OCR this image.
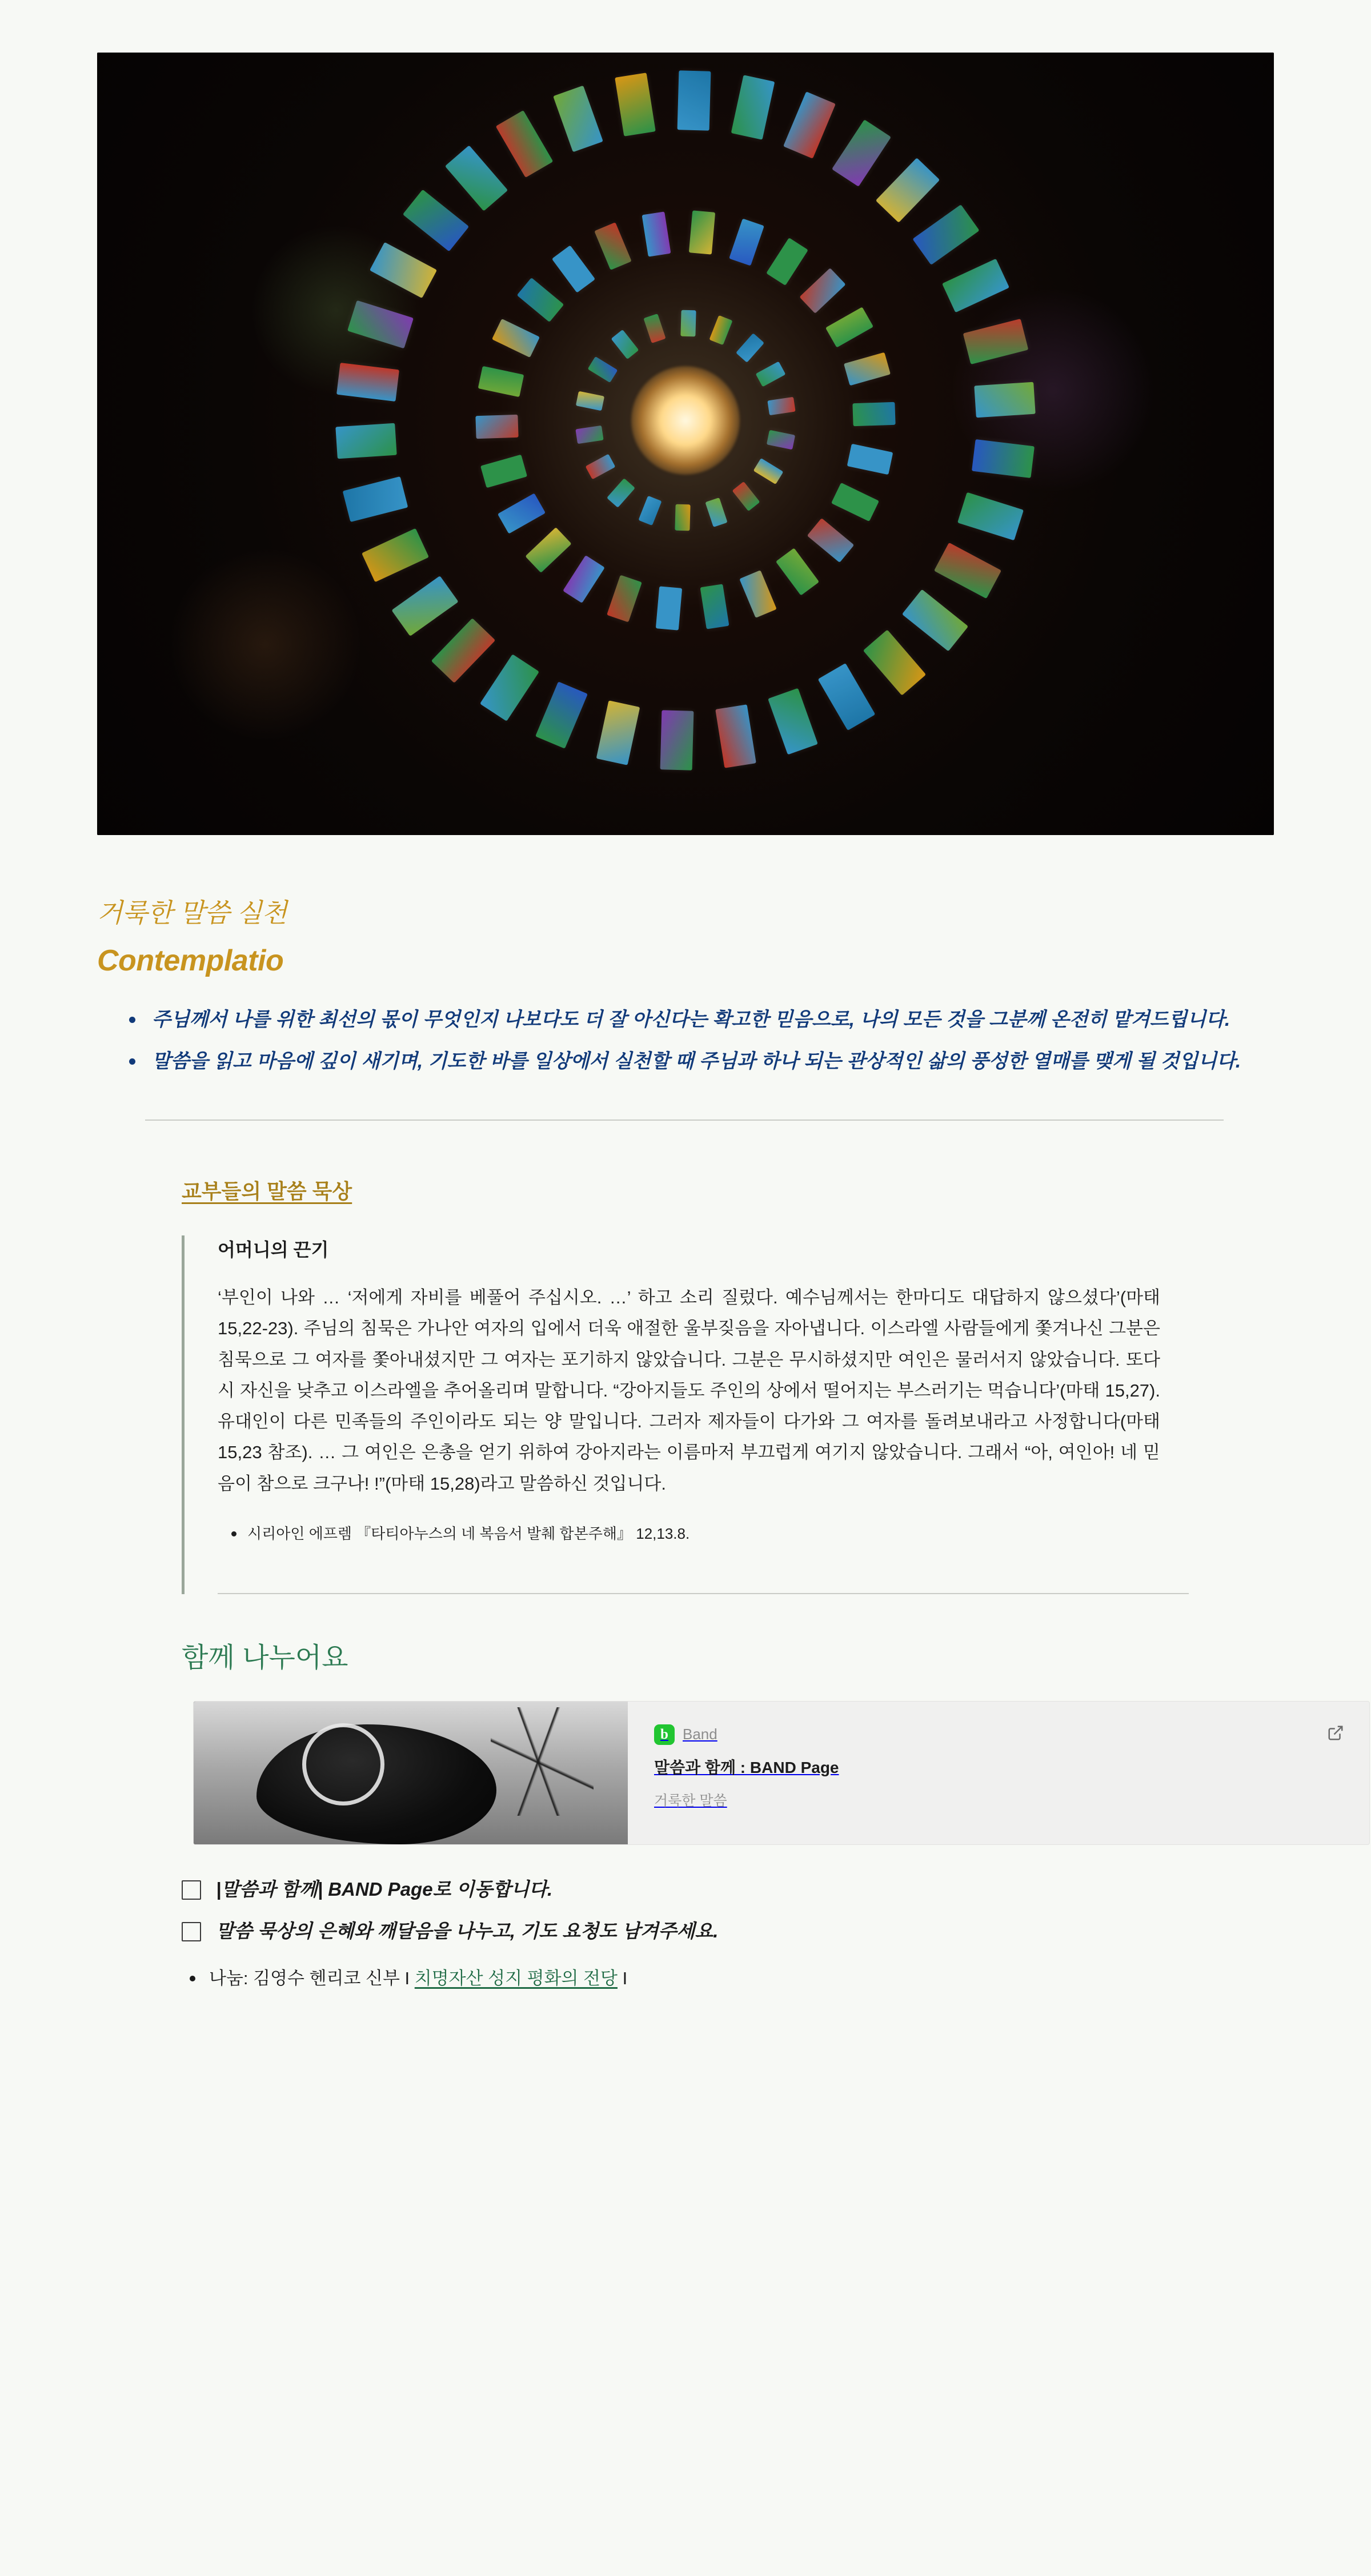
거룩한 말씀 실천
Contemplatio
주님께서 나를 위한 최선의 몫이 무엇인지 나보다도 더 잘 아신다는 확고한 믿음으로, 나의 모든 것을 그분께 온전히 맡겨드립니다.
말씀을 읽고 마음에 깊이 새기며, 기도한 바를 일상에서 실천할 때 주님과 하나 되는 관상적인 삶의 풍성한 열매를 맺게 될 것입니다.
교부들의 말씀 묵상
어머니의 끈기

‘부인이 나와 … ‘저에게 자비를 베풀어 주십시오. …’ 하고 소리 질렀다. 예수님께서는 한마디도 대답하지 않으셨다’(마태 15,22-23). 주님의 침묵은 가나안 여자의 입에서 더욱 애절한 울부짖음을 자아냅니다. 이스라엘 사람들에게 쫓겨나신 그분은 침묵으로 그 여자를 쫓아내셨지만 그 여자는 포기하지 않았습니다. 그분은 무시하셨지만 여인은 물러서지 않았습니다. 또다시 자신을 낮추고 이스라엘을 추어올리며 말합니다. “강아지들도 주인의 상에서 떨어지는 부스러기는 먹습니다’(마태 15,27). 유대인이 다른 민족들의 주인이라도 되는 양 말입니다. 그러자 제자들이 다가와 그 여자를 돌려보내라고 사정합니다(마태 15,23 참조). … 그 여인은 은총을 얻기 위하여 강아지라는 이름마저 부끄럽게 여기지 않았습니다. 그래서 “아, 여인아! 네 믿음이 참으로 크구나! !”(마태 15,28)라고 말씀하신 것입니다.

시리아인 에프렘 『타티아누스의 네 복음서 발췌 합본주해』 12,13.8.
함께 나누어요
b Band
말씀과 함께 : BAND Page
거룩한 말씀
|말씀과 함께| BAND Page로 이동합니다.
말씀 묵상의 은혜와 깨달음을 나누고, 기도 요청도 남겨주세요.
나눔: 김영수 헨리코 신부 I 치명자산 성지 평화의 전당 I
